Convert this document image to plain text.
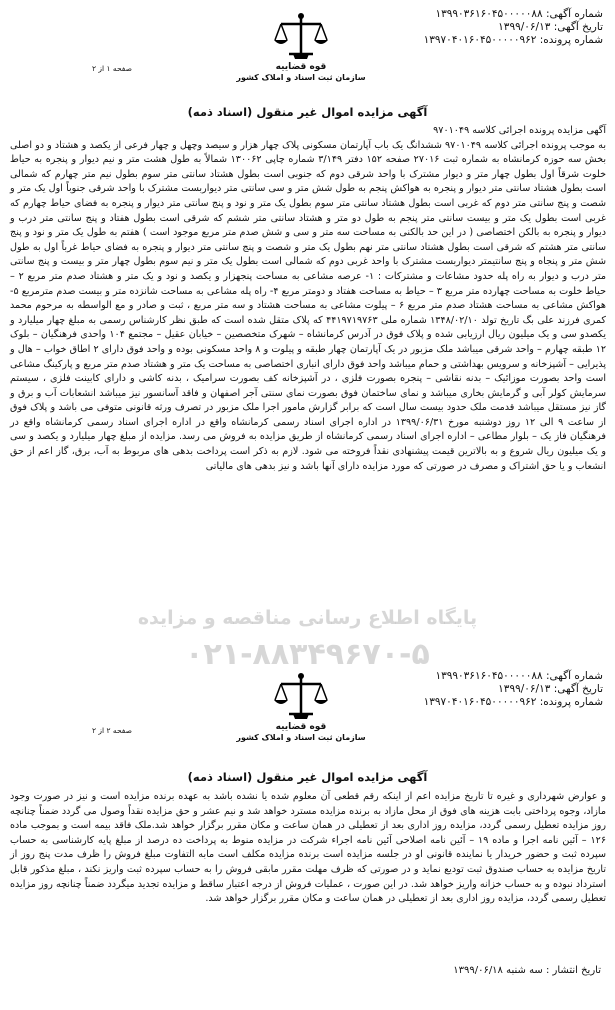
شماره آگهی: ۱۳۹۹۰۳۶۱۶۰۴۵۰۰۰۰۰۸۸
تاریخ آگهی: ۱۳۹۹/۰۶/۱۳
شماره پرونده: ۱۳۹۷۰۴۰۱۶۰۴۵۰۰۰۰۰۹۶۲
قوه قضاییه
سازمان ثبت اسناد و املاک کشور
صفحه ۱ از ۲
آگهی مزایده اموال غیر منقول (اسناد ذمه)

آگهی مزایده پرونده اجرائی کلاسه ۹۷۰۱۰۴۹

به موجب پرونده اجرائی کلاسه ۹۷۰۱۰۴۹ ششدانگ یک باب آپارتمان مسکونی پلاک چهار هزار و سیصد وچهل و چهار فرعی از یکصد و هشتاد و دو اصلی بخش سه حوزه کرمانشاه به شماره ثبت ۲۷۰۱۶ صفحه ۱۵۲ دفتر ۳/۱۴۹ شماره چاپی ۱۳۰۰۶۲ شمالاً به طول هشت متر و نیم دیوار و پنجره به حیاط خلوت شرقاً اول بطول چهار متر و دیوار مشترک با واحد شرقی دوم که جنوبی است بطول هشتاد سانتی متر سوم بطول نیم متر چهارم که شمالی است بطول هشتاد سانتی متر دیوار و پنجره به هواکش پنجم به طول شش متر و سی سانتی متر دیواربست مشترک با واحد شرقی جنوباً اول یک متر و شصت و پنج سانتی متر دوم که غربی است بطول هشتاد سانتی متر سوم بطول یک متر و نود و پنج سانتی متر دیوار و پنجره به فضای حیاط چهارم که غربی است بطول یک متر و بیست سانتی متر پنجم به طول دو متر و هشتاد سانتی متر ششم که شرقی است بطول هفتاد و پنج سانتی متر درب و دیوار و پنجره به بالکن اختصاصی ( در این حد بالکنی به مساحت سه متر و سی و شش صدم متر مربع موجود است ) هفتم به طول یک متر و نود و پنج سانتی متر هشتم که شرقی است بطول هشتاد سانتی متر نهم بطول یک متر و شصت و پنج سانتی متر دیوار و پنجره به فضای حیاط غرباً اول به طول شش متر و پنجاه و پنج سانتیمتر دیواربست مشترک با واحد غربی دوم که شمالی است بطول یک متر و نیم سوم بطول چهار متر و بیست و پنج سانتی متر درب و دیوار به راه پله حدود مشاعات و مشترکات : ۱- عرصه مشاعی به مساحت پنجهزار و یکصد و نود و یک متر و هشتاد صدم متر مربع ۲ – حیاط خلوت به مساحت چهارده متر مربع ۳ – حیاط به مساحت هفتاد و دومتر مربع ۴- راه پله مشاعی به مساحت شانزده متر و بیست صدم مترمربع ۵- هواکش مشاعی به مساحت هشتاد صدم متر مربع ۶ – پیلوت مشاعی به مساحت هشتاد و سه متر مربع ، ثبت و صادر و مع الواسطه به مرحوم محمد کمری فرزند علی بگ تاریخ تولد ۱۳۴۸/۰۲/۱۰ شماره ملی ۴۴۱۹۷۱۹۷۶۳ که پلاک متقل شده است که طبق نظر کارشناس رسمی به مبلغ چهار میلیارد و یکصدو سی و یک میلیون ریال ارزیابی شده و پلاک فوق در آدرس کرمانشاه – شهرک متخصصین – خیابان عقیل – مجتمع ۱۰۴ واحدی فرهنگیان – بلوک ۱۲ طبقه چهارم – واحد شرقی میباشد ملک مزبور در یک آپارتمان چهار طبقه و پیلوت و ۸ واحد مسکونی بوده و واحد فوق دارای ۲ اطاق خواب – هال و پذیرایی – آشپزخانه و سرویس بهداشتی و حمام میباشد واحد فوق دارای انباری اختصاصی به مساحت یک متر و هشتاد صدم متر مربع و پارکینگ مشاعی است واحد بصورت موزائیک – بدنه نقاشی – پنجره بصورت فلزی ، در آشپزخانه کف بصورت سرامیک ، بدنه کاشی و دارای کابینت فلزی ، سیستم سرمایش کولر آبی و گرمایش بخاری میباشد و نمای ساختمان فوق بصورت نمای سنتی آجر اصفهان و فاقد آسانسور نیز میباشد انشعابات آب و برق و گاز نیز مستقل میباشد قدمت ملک حدود بیست سال است که برابر گزارش مامور اجرا ملک مزبور در تصرف ورثه قانونی متوفی می باشد و پلاک فوق از ساعت ۹ الی ۱۲ روز دوشنبه مورخ ۱۳۹۹/۰۶/۳۱ در اداره اجرای اسناد رسمی کرمانشاه واقع در اداره اجرای اسناد رسمی کرمانشاه واقع در فرهنگیان فاز یک – بلوار مطاعی – اداره اجرای اسناد رسمی کرمانشاه از طریق مزایده به فروش می رسد. مزایده از مبلغ چهار میلیارد و یکصد و سی و یک میلیون ریال شروع و به بالاترین قیمت پیشنهادی نقداً فروخته می شود. لازم به ذکر است پرداخت بدهی های مربوط به آب، برق، گاز اعم از حق انشعاب و یا حق اشتراک و مصرف در صورتی که مورد مزایده دارای آنها باشد و نیز بدهی های مالیاتی

پایگاه اطلاع رسانی مناقصه و مزایده
۰۲۱-۸۸۳۴۹۶۷۰-۵
شماره آگهی: ۱۳۹۹۰۳۶۱۶۰۴۵۰۰۰۰۰۸۸
تاریخ آگهی: ۱۳۹۹/۰۶/۱۳
شماره پرونده: ۱۳۹۷۰۴۰۱۶۰۴۵۰۰۰۰۰۹۶۲
قوه قضاییه
سازمان ثبت اسناد و املاک کشور
صفحه ۲ از ۲
آگهی مزایده اموال غیر منقول (اسناد ذمه)

و عوارض شهرداری و غیره تا تاریخ مزایده اعم از اینکه رقم قطعی آن معلوم شده یا نشده باشد به عهده برنده مزایده است و نیز در صورت وجود مازاد، وجوه پرداختی بابت هزینه های فوق از محل مازاد به برنده مزایده مسترد خواهد شد و نیم عشر و حق مزایده نقداً وصول می گردد ضمناً چنانچه روز مزایده تعطیل رسمی گردد، مزایده روز اداری بعد از تعطیلی در همان ساعت و مکان مقرر برگزار خواهد شد.ملک فاقد بیمه است و بموجب ماده ۱۲۶ – آئین نامه اجرا و ماده ۱۹ – آئین نامه اصلاحی آئین نامه اجراء شرکت در مزایده منوط به پرداخت ده درصد از مبلغ پایه کارشناسی به حساب سپرده ثبت و حضور خریدار یا نماینده قانونی او در جلسه مزایده است برنده مزایده مکلف است مابه التفاوت مبلغ فروش را ظرف مدت پنج روز از تاریخ مزایده به حساب صندوق ثبت تودیع نماید و در صورتی که ظرف مهلت مقرر مابقی فروش را به حساب سپرده ثبت واریز نکند ، مبلغ مذکور قابل استرداد نبوده و به حساب خزانه واریز خواهد شد. در این صورت ، عملیات فروش از درجه اعتبار ساقط و مزایده تجدید میگردد ضمناً چنانچه روز مزایده تعطیل رسمی گردد، مزایده روز اداری بعد از تعطیلی در همان ساعت و مکان مقرر برگزار خواهد شد.

تاریخ انتشار : سه شنبه ۱۳۹۹/۰۶/۱۸
